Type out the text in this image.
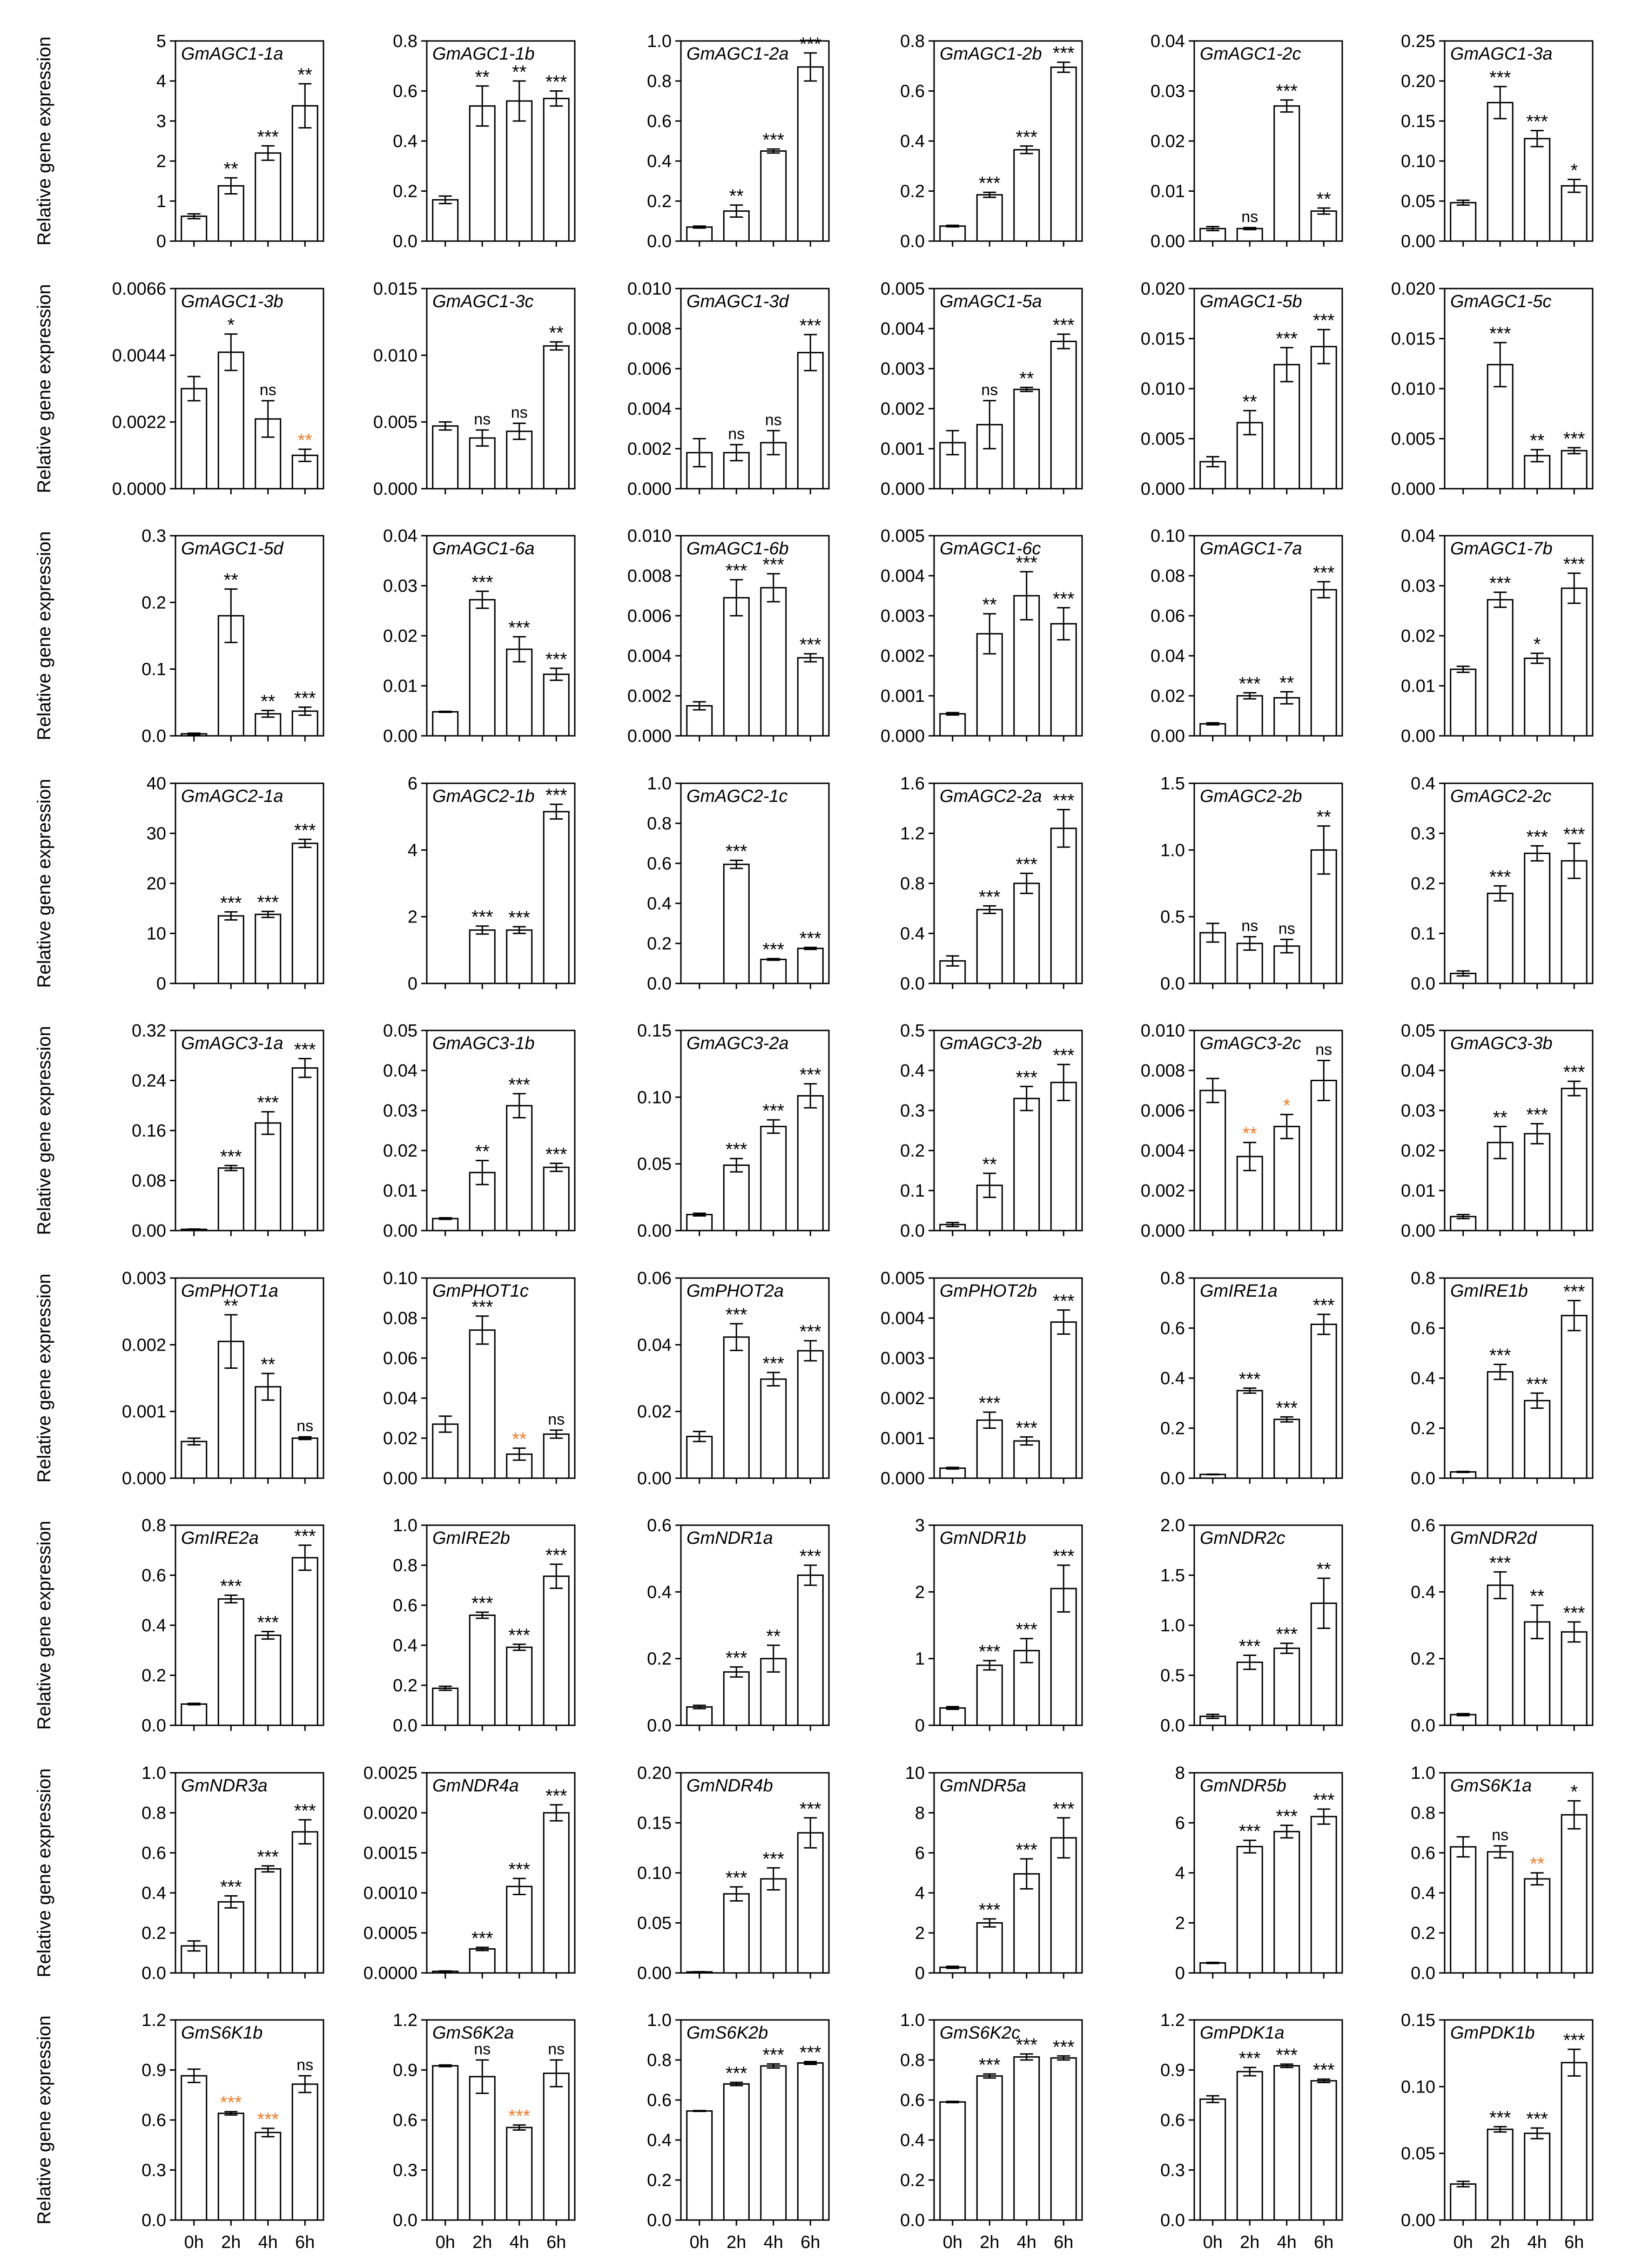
Relative gene expression	0
1
2
3
4
5
GmAGC1-1a
**
***
**
0.0
0.2
0.4
0.6
0.8
GmAGC1-1b
** ** ***
0.0
0.2
0.4
0.6
0.8
1.0
GmAGC1-2a
**
***
***
0.0
0.2
0.4
0.6
0.8
GmAGC1-2b
***
***
***
0.00
0.01
0.02
0.03
0.04
GmAGC1-2c
ns
***
**
0.00
0.05
0.10
0.15
0.20
0.25
GmAGC1-3a
***
***
*
Relative gene expression	0.0000
0.0022
0.0044
0.0066
GmAGC1-3b
*
ns
**
0.000
0.005
0.010
0.015
GmAGC1-3c
ns ns
**
0.000
0.002
0.004
0.006
0.008
0.010
GmAGC1-3d
ns
ns
***
0.000
0.001
0.002
0.003
0.004
0.005
GmAGC1-5a
ns
**
***
0.000
0.005
0.010
0.015
0.020
GmAGC1-5b
**
***
***
0.000
0.005
0.010
0.015
0.020
GmAGC1-5c
***
** ***
Relative gene expression	0.0
0.1
0.2
0.3
GmAGC1-5d
**
** ***
0.00
0.01
0.02
0.03
0.04
GmAGC1-6a
***
***
***
0.000
0.002
0.004
0.006
0.008
0.010
GmAGC1-6b
*** ***
***
0.000
0.001
0.002
0.003
0.004
0.005
GmAGC1-6c
**
***
***
0.00
0.02
0.04
0.06
0.08
0.10
GmAGC1-7a
*** **
***
0.00
0.01
0.02
0.03
0.04
GmAGC1-7b
***
*
***
Relative gene expression	0
10
20
30
40
GmAGC2-1a
*** ***
***
0
2
4
6
GmAGC2-1b
*** ***
***
0.0
0.2
0.4
0.6
0.8
1.0
GmAGC2-1c
***
***
***
0.0
0.4
0.8
1.2
1.6
GmAGC2-2a
***
***
***
0.0
0.5
1.0
1.5
GmAGC2-2b
ns ns
**
0.0
0.1
0.2
0.3
0.4
GmAGC2-2c
***
*** ***
Relative gene expression	0.00
0.08
0.16
0.24
0.32
GmAGC3-1a
***
***
***
0.00
0.01
0.02
0.03
0.04
0.05
GmAGC3-1b
**
***
***
0.00
0.05
0.10
0.15
GmAGC3-2a
***
***
***
0.0
0.1
0.2
0.3
0.4
0.5
GmAGC3-2b
**
***
***
0.000
0.002
0.004
0.006
0.008
0.010
GmAGC3-2c
**
*
ns
0.00
0.01
0.02
0.03
0.04
0.05
GmAGC3-3b
** ***
***
Relative gene expression	0.000
0.001
0.002
0.003
GmPHOT1a
**
**
ns
0.00
0.02
0.04
0.06
0.08
0.10
GmPHOT1c
***
**
ns
0.00
0.02
0.04
0.06
GmPHOT2a
***
***
***
0.000
0.001
0.002
0.003
0.004
0.005
GmPHOT2b
***
***
***
0.0
0.2
0.4
0.6
0.8
GmIRE1a
***
***
***
0.0
0.2
0.4
0.6
0.8
GmIRE1b
***
***
***
Relative gene expression	0.0
0.2
0.4
0.6
0.8
GmIRE2a
***
***
***
0.0
0.2
0.4
0.6
0.8
1.0
GmIRE2b
***
***
***
0.0
0.2
0.4
0.6
GmNDR1a
***
**
***
0
1
2
3
GmNDR1b
***
***
***
0.0
0.5
1.0
1.5
2.0
GmNDR2c
***
***
**
0.0
0.2
0.4
0.6
GmNDR2d
***
**
***
Relative gene expression	0.0
0.2
0.4
0.6
0.8
1.0
GmNDR3a
***
***
***
0.0000
0.0005
0.0010
0.0015
0.0020
0.0025
GmNDR4a
***
***
***
0.00
0.05
0.10
0.15
0.20
GmNDR4b
***
***
***
0
2
4
6
8
10
GmNDR5a
***
***
***
0
2
4
6
8
GmNDR5b
***
***
***
0.0
0.2
0.4
0.6
0.8
1.0
GmS6K1a
ns
**
*
Relative gene expression	0.0
0.3
0.6
0.9
1.2
GmS6K1b
0h 2h
***
4h
***
6h
ns
0.0
0.3
0.6
0.9
1.2
GmS6K2a
0h 2h
ns
4h
***
6h
ns
0.0
0.2
0.4
0.6
0.8
1.0
GmS6K2b
0h 2h
***
4h
***
6h
***
0.0
0.2
0.4
0.6
0.8
1.0
GmS6K2c
0h 2h
***
4h
***
6h
***
0.0
0.3
0.6
0.9
1.2
GmPDK1a
0h 2h
***
4h
***
6h
***
0.00
0.05
0.10
0.15
GmPDK1b
0h 2h
***
4h
***
6h
***
